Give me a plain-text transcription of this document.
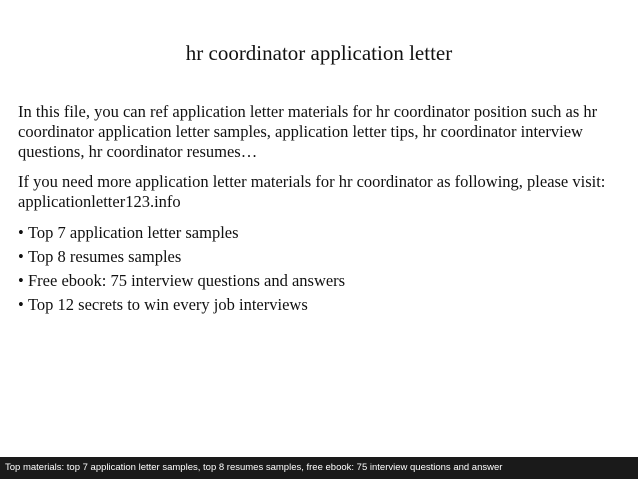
hr coordinator application letter

In this file, you can ref application letter materials for hr coordinator position such as hr coordinator application letter samples, application letter tips, hr coordinator interview questions, hr coordinator resumes…

If you need more application letter materials for hr coordinator as following, please visit: applicationletter123.info

• Top 7 application letter samples
• Top 8 resumes samples
• Free ebook: 75 interview questions and answers
• Top 12 secrets to win every job interviews
Top materials: top 7 application letter samples, top 8 resumes samples, free ebook: 75 interview questions and answer
